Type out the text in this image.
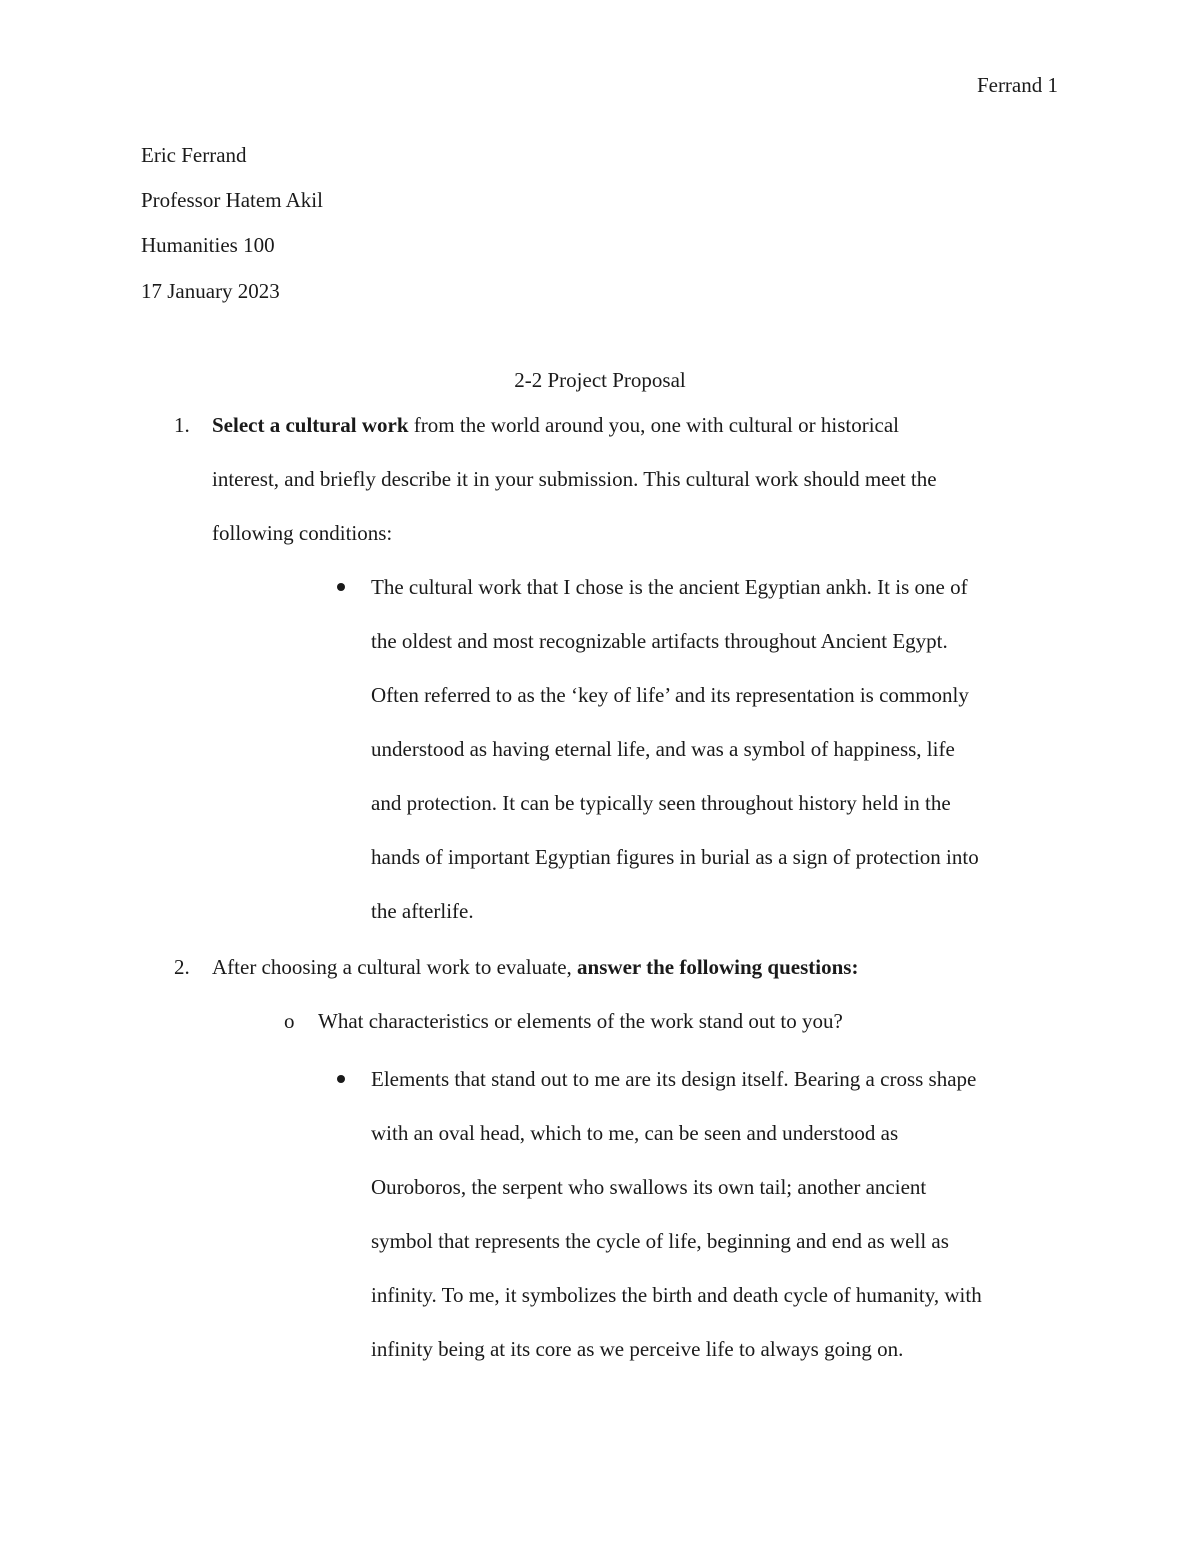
Ferrand 1
Eric Ferrand
Professor Hatem Akil
Humanities 100
17 January 2023
2-2 Project Proposal
1. Select a cultural work from the world around you, one with cultural or historical
interest, and briefly describe it in your submission. This cultural work should meet the
following conditions:
The cultural work that I chose is the ancient Egyptian ankh. It is one of
the oldest and most recognizable artifacts throughout Ancient Egypt.
Often referred to as the ‘key of life’ and its representation is commonly
understood as having eternal life, and was a symbol of happiness, life
and protection. It can be typically seen throughout history held in the
hands of important Egyptian figures in burial as a sign of protection into
the afterlife.
2. After choosing a cultural work to evaluate, answer the following questions:
o What characteristics or elements of the work stand out to you?
Elements that stand out to me are its design itself. Bearing a cross shape
with an oval head, which to me, can be seen and understood as
Ouroboros, the serpent who swallows its own tail; another ancient
symbol that represents the cycle of life, beginning and end as well as
infinity. To me, it symbolizes the birth and death cycle of humanity, with
infinity being at its core as we perceive life to always going on.
